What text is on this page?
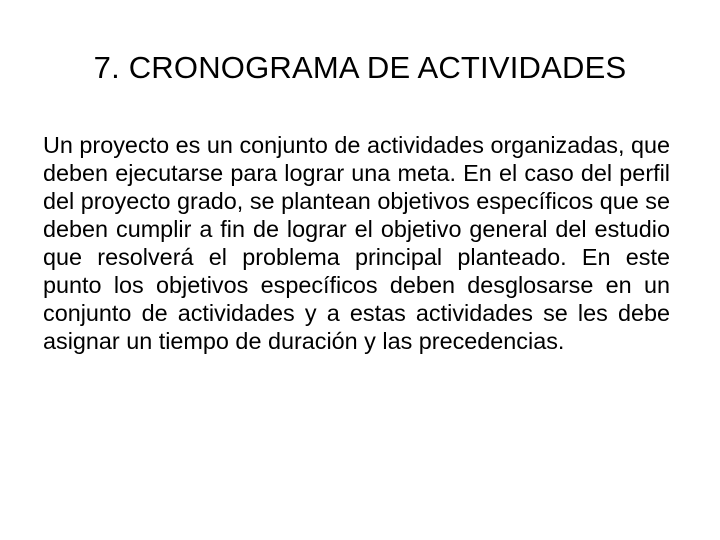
7. CRONOGRAMA DE ACTIVIDADES

Un proyecto es un conjunto de actividades organizadas, que deben ejecutarse para lograr una meta. En el caso del perfil del proyecto grado, se plantean objetivos específicos que se deben cumplir a fin de lograr el objetivo general del estudio que resolverá el problema principal planteado. En este punto los objetivos específicos deben desglosarse en un conjunto de actividades y a estas actividades se les debe asignar un tiempo de duración y las precedencias.
